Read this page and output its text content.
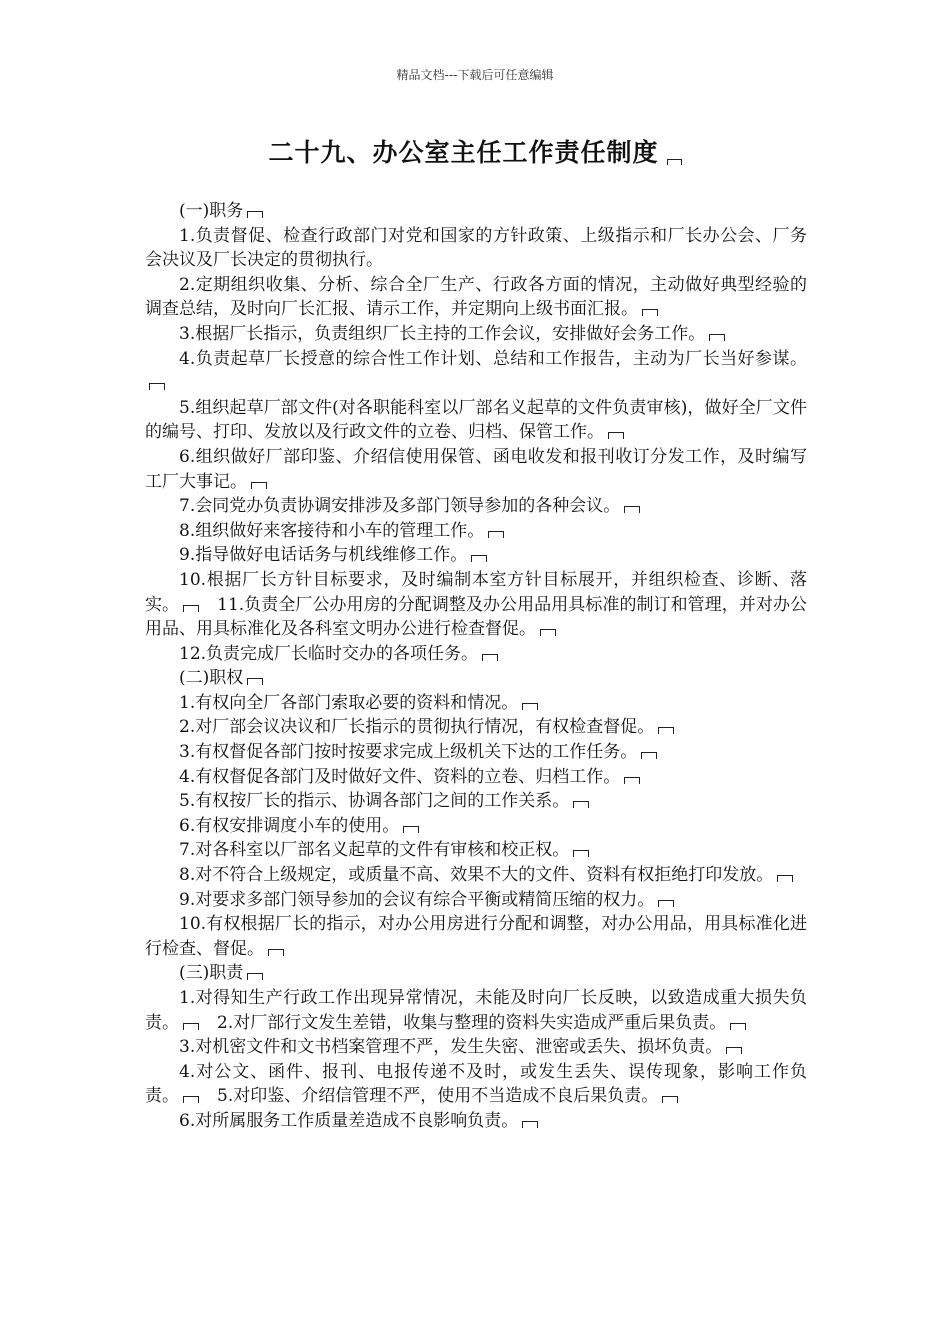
精品文档---下载后可任意编辑
二十九、办公室主任工作责任制度

(一)职务

1.负责督促、检查行政部门对党和国家的方针政策、上级指示和厂长办公会、厂务会决议及厂长决定的贯彻执行。

2.定期组织收集、分析、综合全厂生产、行政各方面的情况，主动做好典型经验的调查总结，及时向厂长汇报、请示工作，并定期向上级书面汇报。

3.根据厂长指示，负责组织厂长主持的工作会议，安排做好会务工作。

4.负责起草厂长授意的综合性工作计划、总结和工作报告，主动为厂长当好参谋。

5.组织起草厂部文件(对各职能科室以厂部名义起草的文件负责审核)，做好全厂文件的编号、打印、发放以及行政文件的立卷、归档、保管工作。

6.组织做好厂部印鉴、介绍信使用保管、函电收发和报刊收订分发工作，及时编写工厂大事记。

7.会同党办负责协调安排涉及多部门领导参加的各种会议。

8.组织做好来客接待和小车的管理工作。

9.指导做好电话话务与机线维修工作。

10.根据厂长方针目标要求，及时编制本室方针目标展开，并组织检查、诊断、落实。 11.负责全厂公办用房的分配调整及办公用品用具标准的制订和管理，并对办公用品、用具标准化及各科室文明办公进行检查督促。

12.负责完成厂长临时交办的各项任务。

(二)职权

1.有权向全厂各部门索取必要的资料和情况。

2.对厂部会议决议和厂长指示的贯彻执行情况，有权检查督促。

3.有权督促各部门按时按要求完成上级机关下达的工作任务。

4.有权督促各部门及时做好文件、资料的立卷、归档工作。

5.有权按厂长的指示、协调各部门之间的工作关系。

6.有权安排调度小车的使用。

7.对各科室以厂部名义起草的文件有审核和校正权。

8.对不符合上级规定，或质量不高、效果不大的文件、资料有权拒绝打印发放。

9.对要求多部门领导参加的会议有综合平衡或精简压缩的权力。

10.有权根据厂长的指示，对办公用房进行分配和调整，对办公用品，用具标准化进行检查、督促。

(三)职责

1.对得知生产行政工作出现异常情况，未能及时向厂长反映，以致造成重大损失负责。 2.对厂部行文发生差错，收集与整理的资料失实造成严重后果负责。

3.对机密文件和文书档案管理不严，发生失密、泄密或丢失、损坏负责。

4.对公文、函件、报刊、电报传递不及时，或发生丢失、误传现象，影响工作负责。 5.对印鉴、介绍信管理不严，使用不当造成不良后果负责。

6.对所属服务工作质量差造成不良影响负责。
